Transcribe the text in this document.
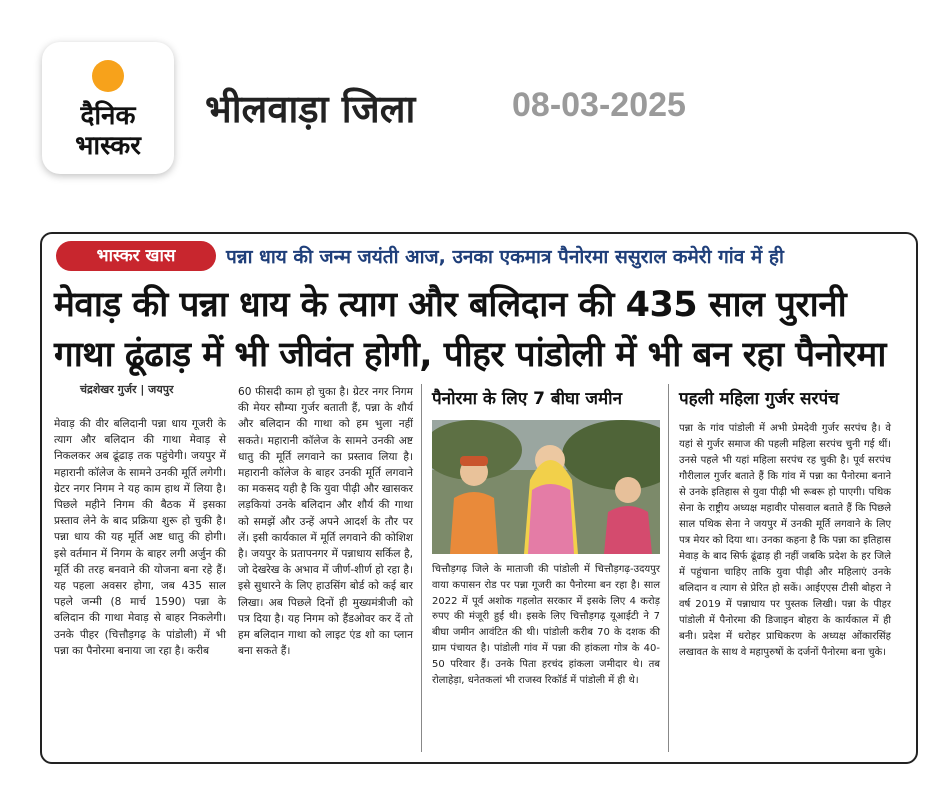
दैनिक
भास्कर
भीलवाड़ा जिला	08-03-2025
भास्कर खास	पन्ना धाय की जन्म जयंती आज, उनका एकमात्र पैनोरमा ससुराल कमेरी गांव में ही
मेवाड़ की पन्ना धाय के त्याग और बलिदान की 435 साल पुरानी
गाथा ढूंढाड़ में भी जीवंत होगी, पीहर पांडोली में भी बन रहा पैनोरमा
चंद्रशेखर गुर्जर | जयपुर
मेवाड़ की वीर बलिदानी पन्ना धाय गूजरी के त्याग और बलिदान की गाथा मेवाड़ से निकलकर अब ढूंढाड़ तक पहुंचेगी। जयपुर में महारानी कॉलेज के सामने उनकी मूर्ति लगेगी। ग्रेटर नगर निगम ने यह काम हाथ में लिया है। पिछले महीने निगम की बैठक में इसका प्रस्ताव लेने के बाद प्रक्रिया शुरू हो चुकी है। पन्ना धाय की यह मूर्ति अष्ट धातु की होगी। इसे वर्तमान में निगम के बाहर लगी अर्जुन की मूर्ति की तरह बनवाने की योजना बना रहे हैं। यह पहला अवसर होगा, जब 435 साल पहले जन्मी (8 मार्च 1590) पन्ना के बलिदान की गाथा मेवाड़ से बाहर निकलेगी। उनके पीहर (चित्तौड़गढ़ के पांडोली) में भी पन्ना का पैनोरमा बनाया जा रहा है। करीब
60 फीसदी काम हो चुका है। ग्रेटर नगर निगम की मेयर सौम्या गुर्जर बताती हैं, पन्ना के शौर्य और बलिदान की गाथा को हम भुला नहीं सकते। महारानी कॉलेज के सामने उनकी अष्ट धातु की मूर्ति लगवाने का प्रस्ताव लिया है। महारानी कॉलेज के बाहर उनकी मूर्ति लगवाने का मकसद यही है कि युवा पीढ़ी और खासकर लड़कियां उनके बलिदान और शौर्य की गाथा को समझें और उन्हें अपने आदर्श के तौर पर लें। इसी कार्यकाल में मूर्ति लगवाने की कोशिश है। जयपुर के प्रतापनगर में पन्नाधाय सर्किल है, जो देखरेख के अभाव में जीर्ण-शीर्ण हो रहा है। इसे सुधारने के लिए हाउसिंग बोर्ड को कई बार लिखा। अब पिछले दिनों ही मुख्यमंत्रीजी को पत्र दिया है। यह निगम को हैंडओवर कर दें तो हम बलिदान गाथा को लाइट एंड शो का प्लान बना सकते हैं।
पैनोरमा के लिए 7 बीघा जमीन
चित्तौड़गढ़ जिले के माताजी की पांडोली में चित्तौड़गढ़-उदयपुर वाया कपासन रोड पर पन्ना गूजरी का पैनोरमा बन रहा है। साल 2022 में पूर्व अशोक गहलोत सरकार में इसके लिए 4 करोड़ रुपए की मंजूरी हुई थी। इसके लिए चित्तौड़गढ़ यूआईटी ने 7 बीघा जमीन आवंटित की थी। पांडोली करीब 70 के दशक की ग्राम पंचायत है। पांडोली गांव में पन्ना की हांकला गोत्र के 40-50 परिवार हैं। उनके पिता हरचंद हांकला जमीदार थे। तब रोलाहेड़ा, धनेतकलां भी राजस्व रिकॉर्ड में पांडोली में ही थे।
पहली महिला गुर्जर सरपंच
पन्ना के गांव पांडोली में अभी प्रेमदेवी गुर्जर सरपंच है। वे यहां से गुर्जर समाज की पहली महिला सरपंच चुनी गई थीं। उनसे पहले भी यहां महिला सरपंच रह चुकी है। पूर्व सरपंच गौरीलाल गुर्जर बताते हैं कि गांव में पन्ना का पैनोरमा बनाने से उनके इतिहास से युवा पीढ़ी भी रूबरू हो पाएगी। पथिक सेना के राष्ट्रीय अध्यक्ष महावीर पोसवाल बताते हैं कि पिछले साल पथिक सेना ने जयपुर में उनकी मूर्ति लगवाने के लिए पत्र मेयर को दिया था। उनका कहना है कि पन्ना का इतिहास मेवाड़ के बाद सिर्फ ढूंढाड़ ही नहीं जबकि प्रदेश के हर जिले में पहुंचाना चाहिए ताकि युवा पीढ़ी और महिलाएं उनके बलिदान व त्याग से प्रेरित हो सकें। आईएएस टीसी बोहरा ने वर्ष 2019 में पन्नाधाय पर पुस्तक लिखी। पन्ना के पीहर पांडोली में पैनोरमा की डिजाइन बोहरा के कार्यकाल में ही बनी। प्रदेश में धरोहर प्राधिकरण के अध्यक्ष ओंकारसिंह लखावत के साथ वे महापुरुषों के दर्जनों पैनोरमा बना चुके।
